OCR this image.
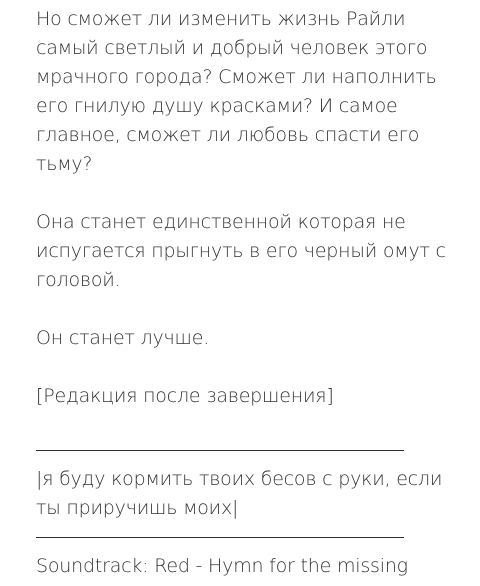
Но сможет ли изменить жизнь Райли самый светлый и добрый человек этого мрачного города? Сможет ли наполнить его гнилую душу красками? И самое главное, сможет ли любовь спасти его тьму?

Она станет единственной которая не испугается прыгнуть в его черный омут с головой.

Он станет лучше.

[Редакция после завершения]

|я буду кормить твоих бесов с руки, если ты приручишь моих|

Soundtrack: Red - Hymn for the missing
